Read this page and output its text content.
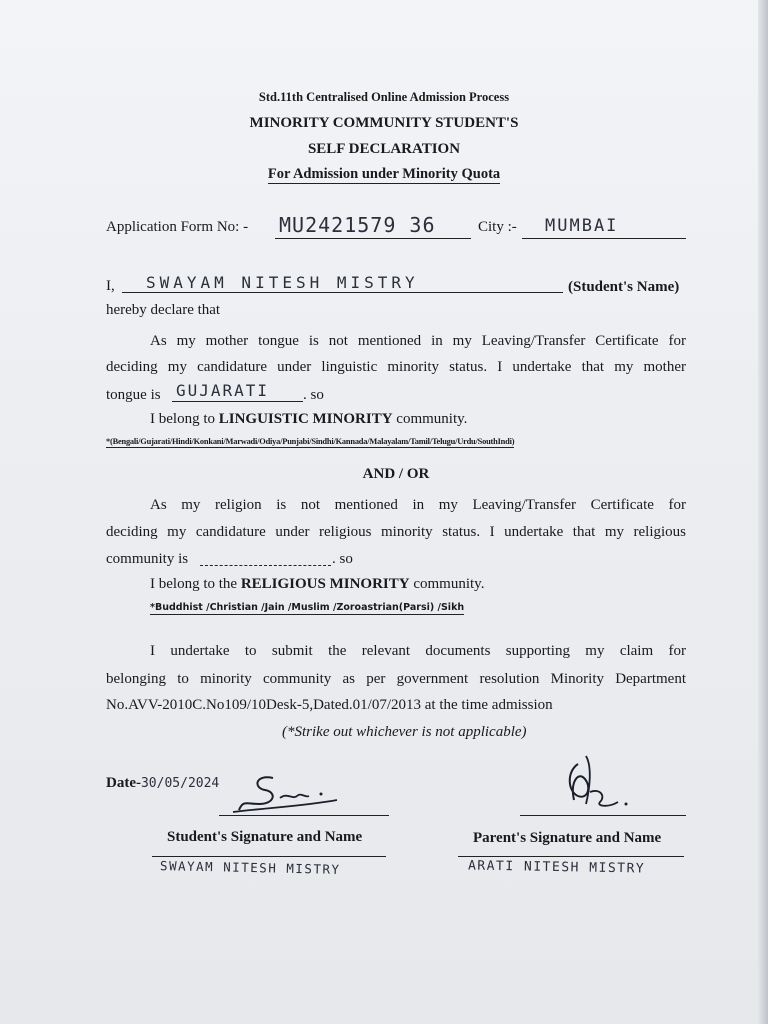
Std.11th Centralised Online Admission Process
MINORITY COMMUNITY STUDENT'S
SELF DECLARATION
For Admission under Minority Quota
Application Form No: - MU2421579 36	City :- MUMBAI
I, SWAYAM NITESH MISTRY	(Student's Name)
hereby declare that
As my mother tongue is not mentioned in my Leaving/Transfer Certificate for
deciding my candidature under linguistic minority status. I undertake that my mother
tongue is GUJARATI . so
I belong to LINGUISTIC MINORITY community.
*(Bengali/Gujarati/Hindi/Konkani/Marwadi/Odiya/Punjabi/Sindhi/Kannada/Malayalam/Tamil/Telugu/Urdu/SouthIndi)
AND / OR
As my religion is not mentioned in my Leaving/Transfer Certificate for
deciding my candidature under religious minority status. I undertake that my religious
community is	. so
I belong to the RELIGIOUS MINORITY community.
*Buddhist /Christian /Jain /Muslim /Zoroastrian(Parsi) /Sikh
I undertake to submit the relevant documents supporting my claim for
belonging to minority community as per government resolution Minority Department
No.AVV-2010C.No109/10Desk-5,Dated.01/07/2013 at the time admission
(*Strike out whichever is not applicable)
Date-30/05/2024
Student's Signature and Name	Parent's Signature and Name
SWAYAM NITESH MISTRY	ARATI NITESH MISTRY
